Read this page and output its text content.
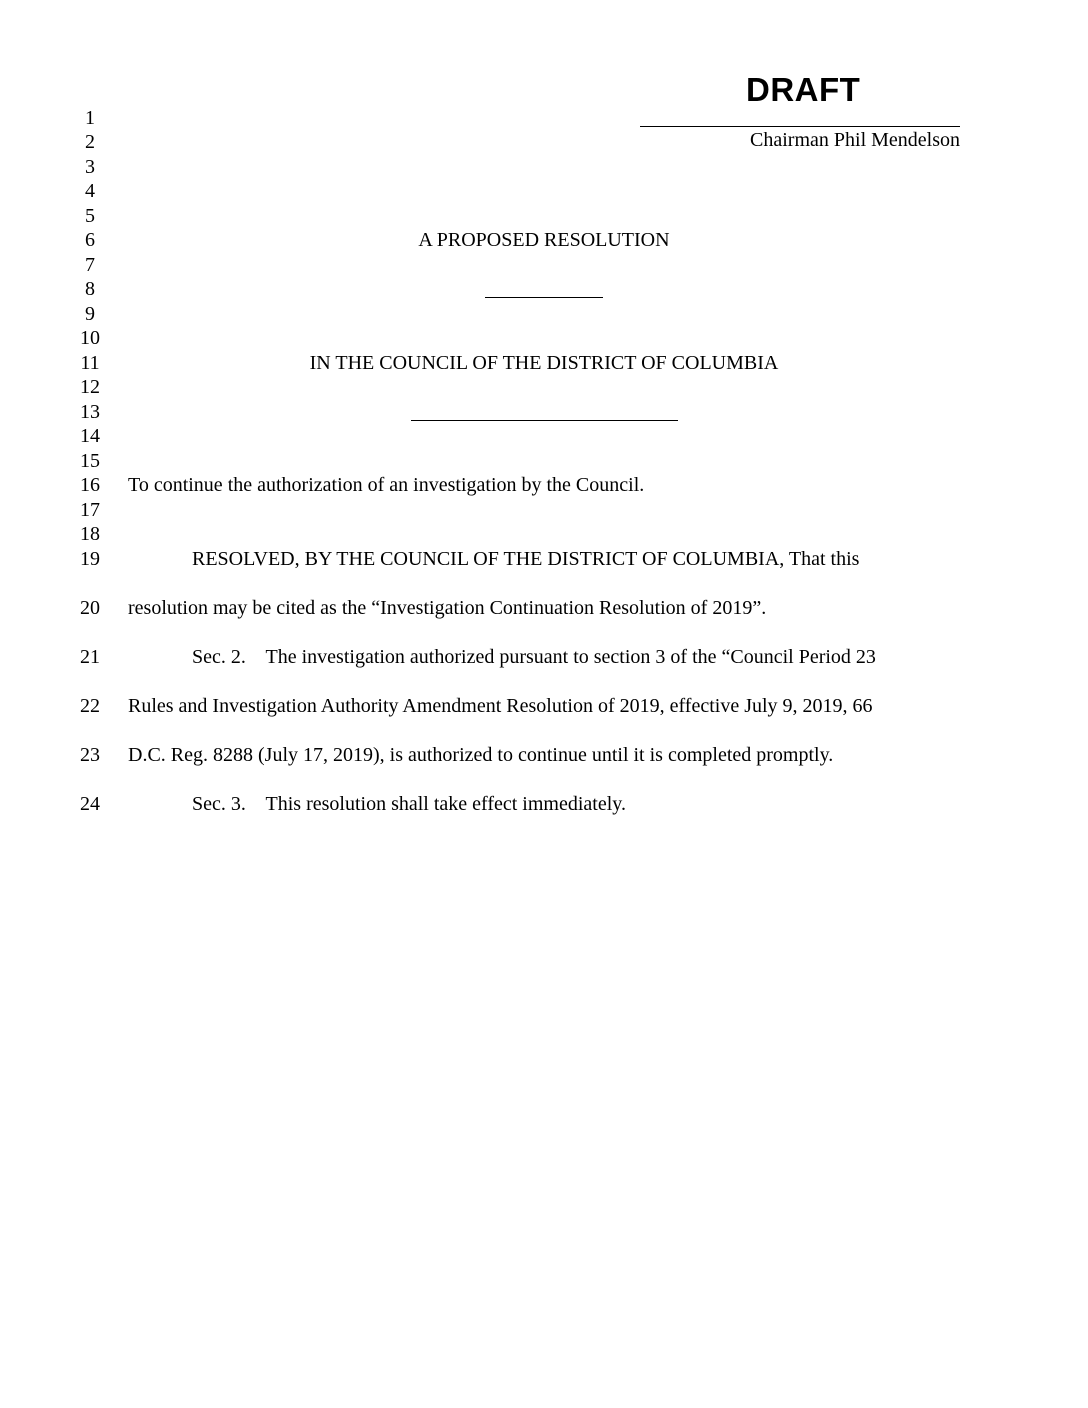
DRAFT
Chairman Phil Mendelson
1
2
3
4
5
6
7
8
9
10
11
12
13
14
15
16
17
18
19
20
21
22
23
24
A PROPOSED RESOLUTION
IN THE COUNCIL OF THE DISTRICT OF COLUMBIA
To continue the authorization of an investigation by the Council.
RESOLVED, BY THE COUNCIL OF THE DISTRICT OF COLUMBIA, That this
resolution may be cited as the “Investigation Continuation Resolution of 2019”.
Sec. 2.    The investigation authorized pursuant to section 3 of the “Council Period 23
Rules and Investigation Authority Amendment Resolution of 2019, effective July 9, 2019, 66
D.C. Reg. 8288 (July 17, 2019), is authorized to continue until it is completed promptly.
Sec. 3.    This resolution shall take effect immediately.
